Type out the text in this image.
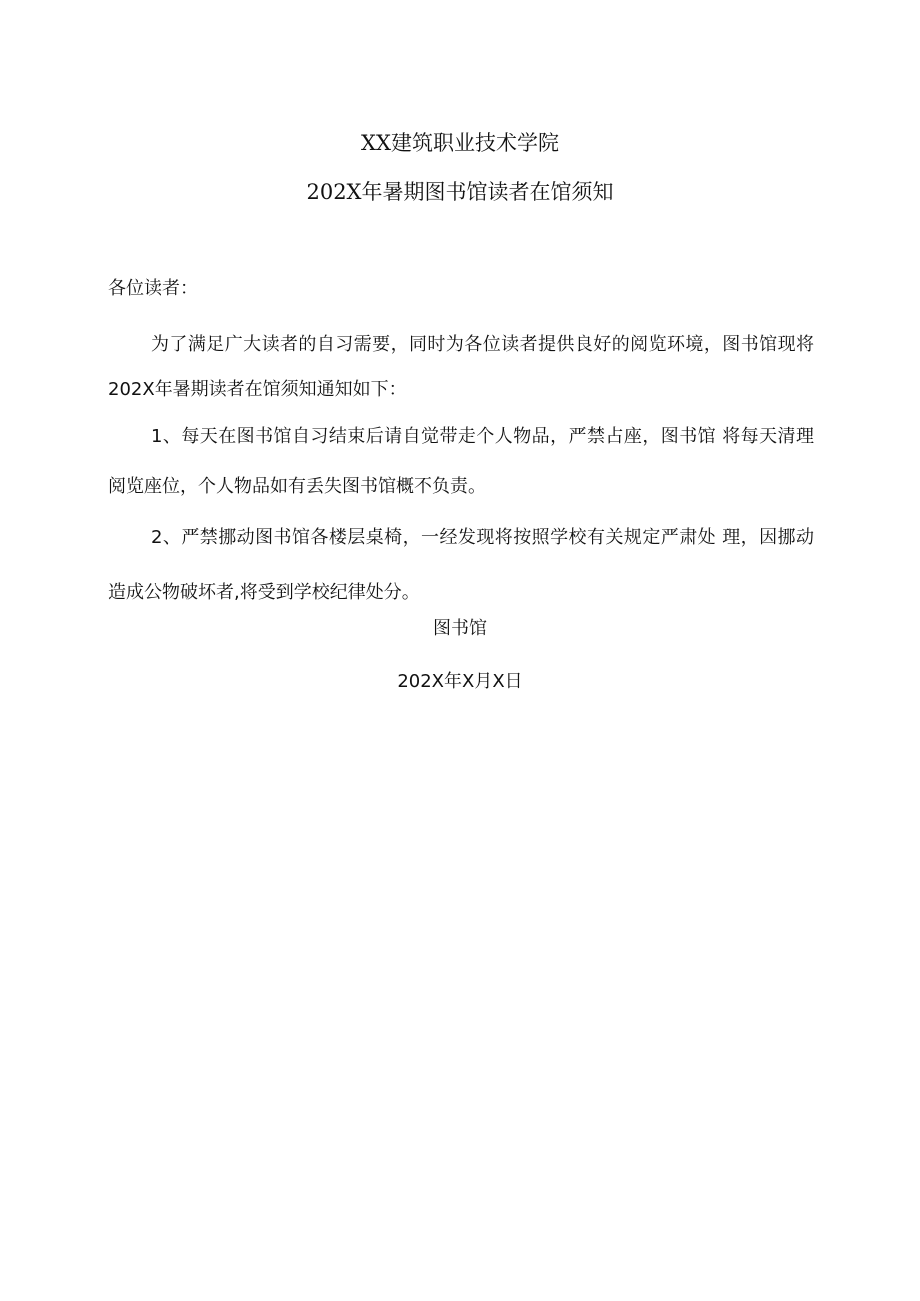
XX建筑职业技术学院
202X年暑期图书馆读者在馆须知
各位读者：
为了满足广大读者的自习需要，同时为各位读者提供良好的阅览环境，图书馆现将202X年暑期读者在馆须知通知如下：
1、每天在图书馆自习结束后请自觉带走个人物品，严禁占座，图书馆 将每天清理阅览座位，个人物品如有丢失图书馆概不负责。
2、严禁挪动图书馆各楼层桌椅，一经发现将按照学校有关规定严肃处 理，因挪动造成公物破坏者,将受到学校纪律处分。
图书馆
202X年X月X日
